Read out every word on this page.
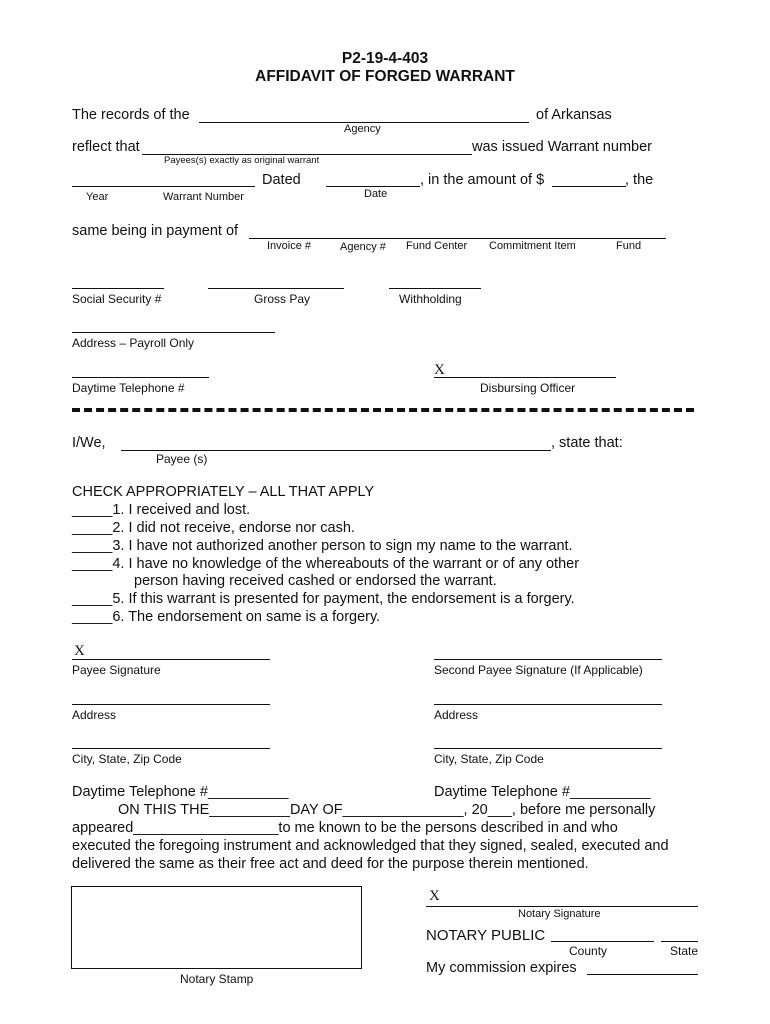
P2-19-4-403
AFFIDAVIT OF FORGED WARRANT
The records of the	of Arkansas
Agency
reflect that	was issued Warrant number
Payees(s) exactly as original warrant
Dated	, in the amount of $	, the
Year	Warrant Number	Date
same being in payment of
Invoice #	Agency # Fund Center Commitment Item	Fund
Social Security #	Gross Pay	Withholding
Address – Payroll Only
Daytime Telephone #
X
Disbursing Officer
I/We,	, state that:
Payee (s)
CHECK APPROPRIATELY – ALL THAT APPLY
_____1. I received and lost.
_____2. I did not receive, endorse nor cash.
_____3. I have not authorized another person to sign my name to the warrant.
_____4. I have no knowledge of the whereabouts of the warrant or of any other
person having received cashed or endorsed the warrant.
_____5. If this warrant is presented for payment, the endorsement is a forgery.
_____6. The endorsement on same is a forgery.
X
Payee Signature	Second Payee Signature (If Applicable)
Address	Address
City, State, Zip Code	City, State, Zip Code
Daytime Telephone #__________	Daytime Telephone #__________
ON THIS THE__________DAY OF_______________, 20___, before me personally
appeared__________________to me known to be the persons described in and who
executed the foregoing instrument and acknowledged that they signed, sealed, executed and
delivered the same as their free act and deed for the purpose therein mentioned.
Notary Stamp
X
Notary Signature
NOTARY PUBLIC
County	State
My commission expires
